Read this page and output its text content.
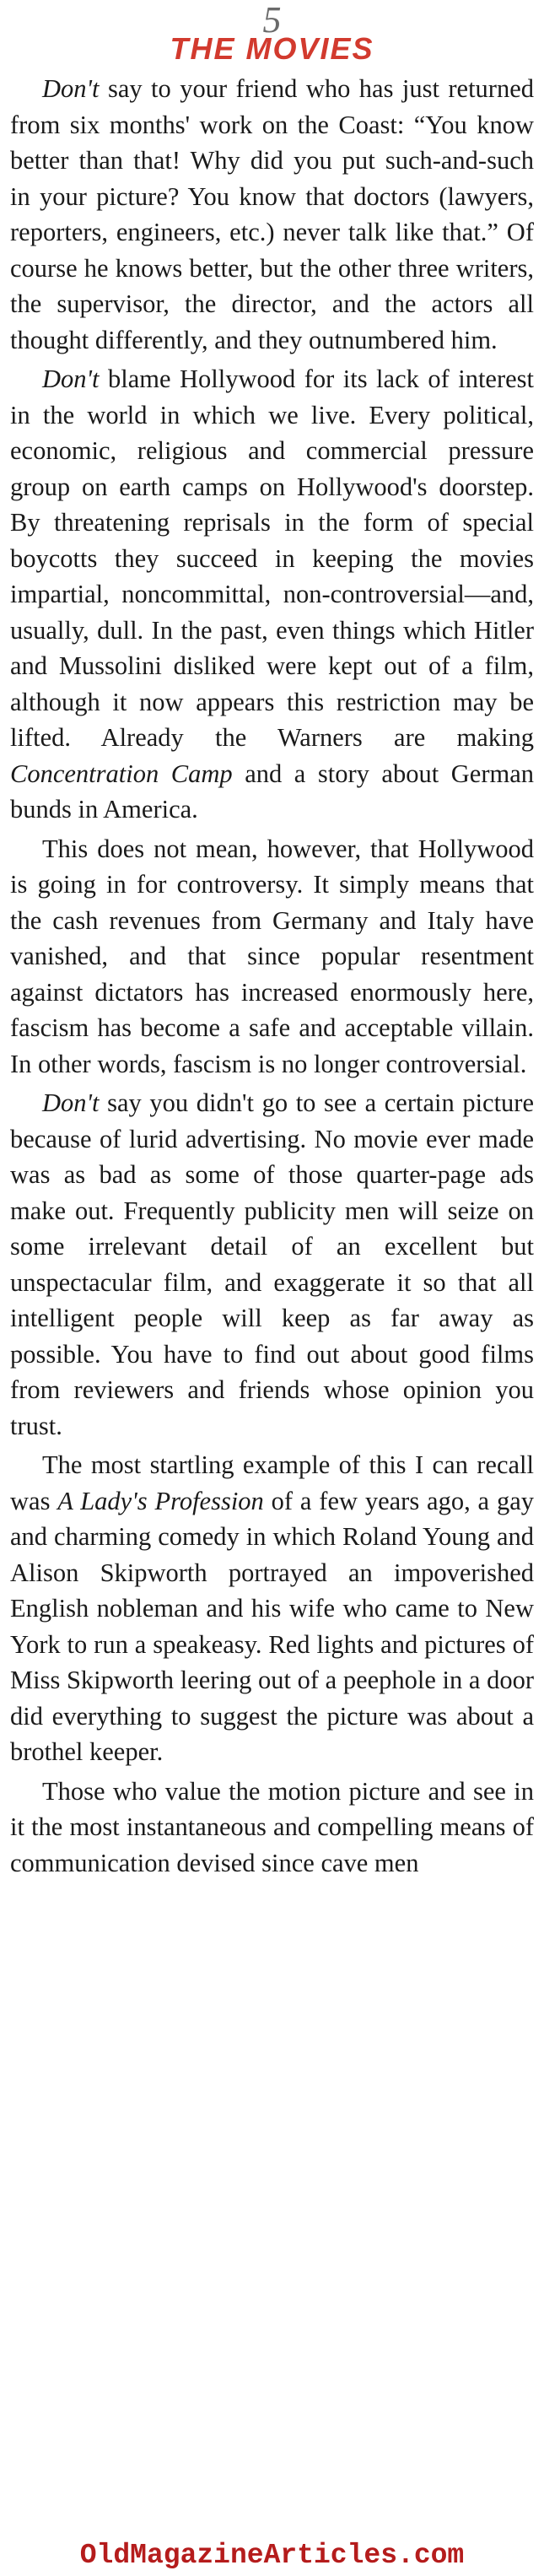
5
THE MOVIES

Don't say to your friend who has just returned from six months' work on the Coast: “You know better than that! Why did you put such-and-such in your picture? You know that doctors (lawyers, reporters, engineers, etc.) never talk like that.” Of course he knows better, but the other three writers, the supervisor, the director, and the actors all thought differently, and they outnumbered him.

Don't blame Hollywood for its lack of interest in the world in which we live. Every political, economic, religious and commercial pressure group on earth camps on Hollywood's doorstep. By threatening reprisals in the form of special boycotts they succeed in keeping the movies impartial, noncommittal, non-controversial—and, usually, dull. In the past, even things which Hitler and Mussolini disliked were kept out of a film, although it now appears this restriction may be lifted. Already the Warners are making Concentration Camp and a story about German bunds in America.

This does not mean, however, that Hollywood is going in for controversy. It simply means that the cash revenues from Germany and Italy have vanished, and that since popular resentment against dictators has increased enormously here, fascism has become a safe and acceptable villain. In other words, fascism is no longer controversial.

Don't say you didn't go to see a certain picture because of lurid advertising. No movie ever made was as bad as some of those quarter-page ads make out. Frequently publicity men will seize on some irrelevant detail of an excellent but unspectacular film, and exaggerate it so that all intelligent people will keep as far away as possible. You have to find out about good films from reviewers and friends whose opinion you trust.

The most startling example of this I can recall was A Lady's Profession of a few years ago, a gay and charming comedy in which Roland Young and Alison Skipworth portrayed an impoverished English nobleman and his wife who came to New York to run a speakeasy. Red lights and pictures of Miss Skipworth leering out of a peephole in a door did everything to suggest the picture was about a brothel keeper.

Those who value the motion picture and see in it the most instantaneous and compelling means of communication devised since cave men

OldMagazineArticles.com
